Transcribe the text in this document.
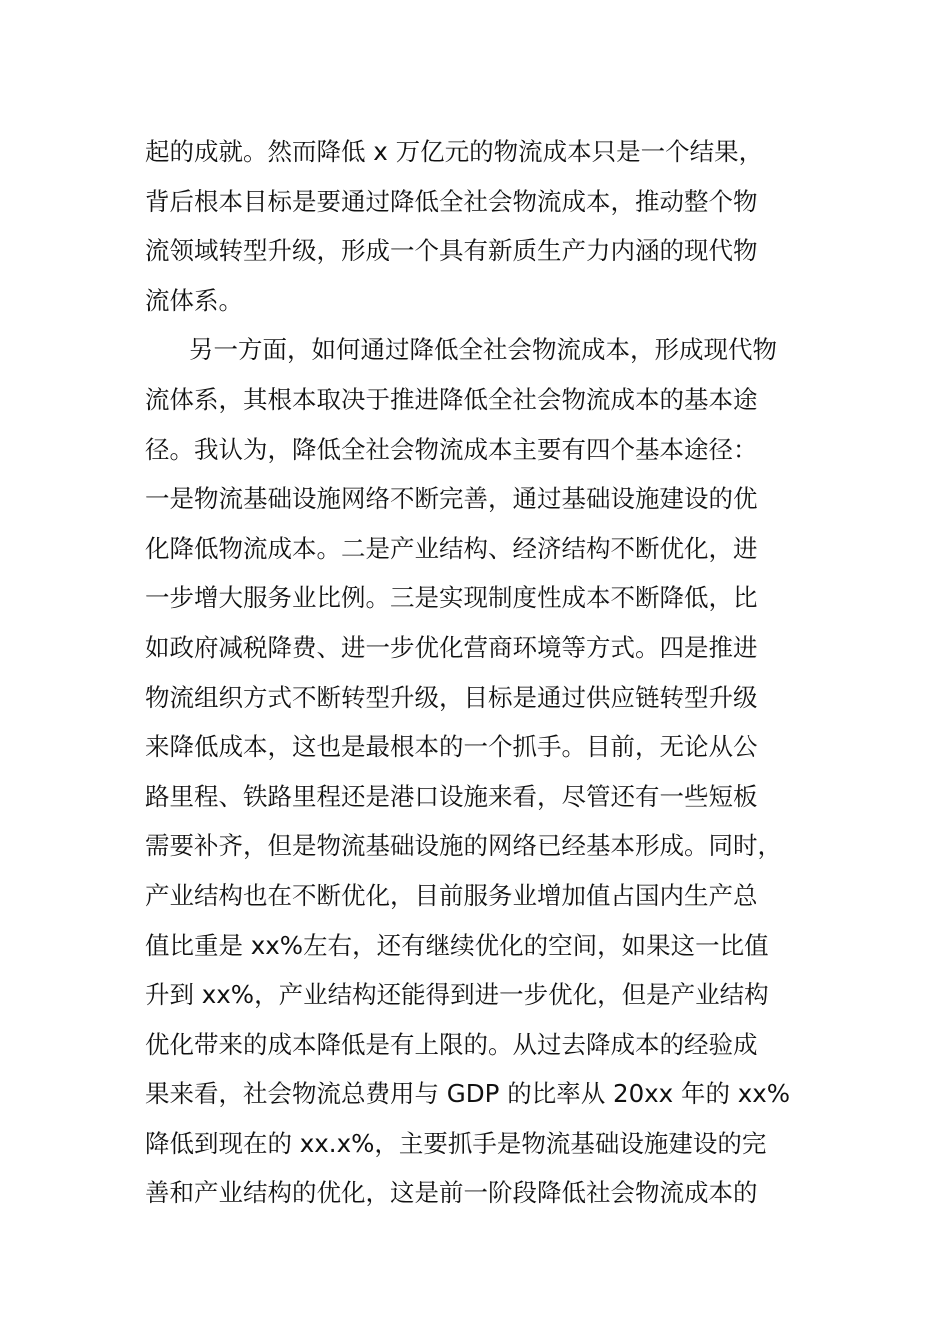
起的成就。然而降低 x 万亿元的物流成本只是一个结果，
背后根本目标是要通过降低全社会物流成本，推动整个物
流领域转型升级，形成一个具有新质生产力内涵的现代物
流体系。
另一方面，如何通过降低全社会物流成本，形成现代物
流体系，其根本取决于推进降低全社会物流成本的基本途
径。我认为，降低全社会物流成本主要有四个基本途径：
一是物流基础设施网络不断完善，通过基础设施建设的优
化降低物流成本。二是产业结构、经济结构不断优化，进
一步增大服务业比例。三是实现制度性成本不断降低，比
如政府减税降费、进一步优化营商环境等方式。四是推进
物流组织方式不断转型升级，目标是通过供应链转型升级
来降低成本，这也是最根本的一个抓手。目前，无论从公
路里程、铁路里程还是港口设施来看，尽管还有一些短板
需要补齐，但是物流基础设施的网络已经基本形成。同时，
产业结构也在不断优化，目前服务业增加值占国内生产总
值比重是 xx%左右，还有继续优化的空间，如果这一比值
升到 xx%，产业结构还能得到进一步优化，但是产业结构
优化带来的成本降低是有上限的。从过去降成本的经验成
果来看，社会物流总费用与 GDP 的比率从 20xx 年的 xx%
降低到现在的 xx.x%，主要抓手是物流基础设施建设的完
善和产业结构的优化，这是前一阶段降低社会物流成本的
